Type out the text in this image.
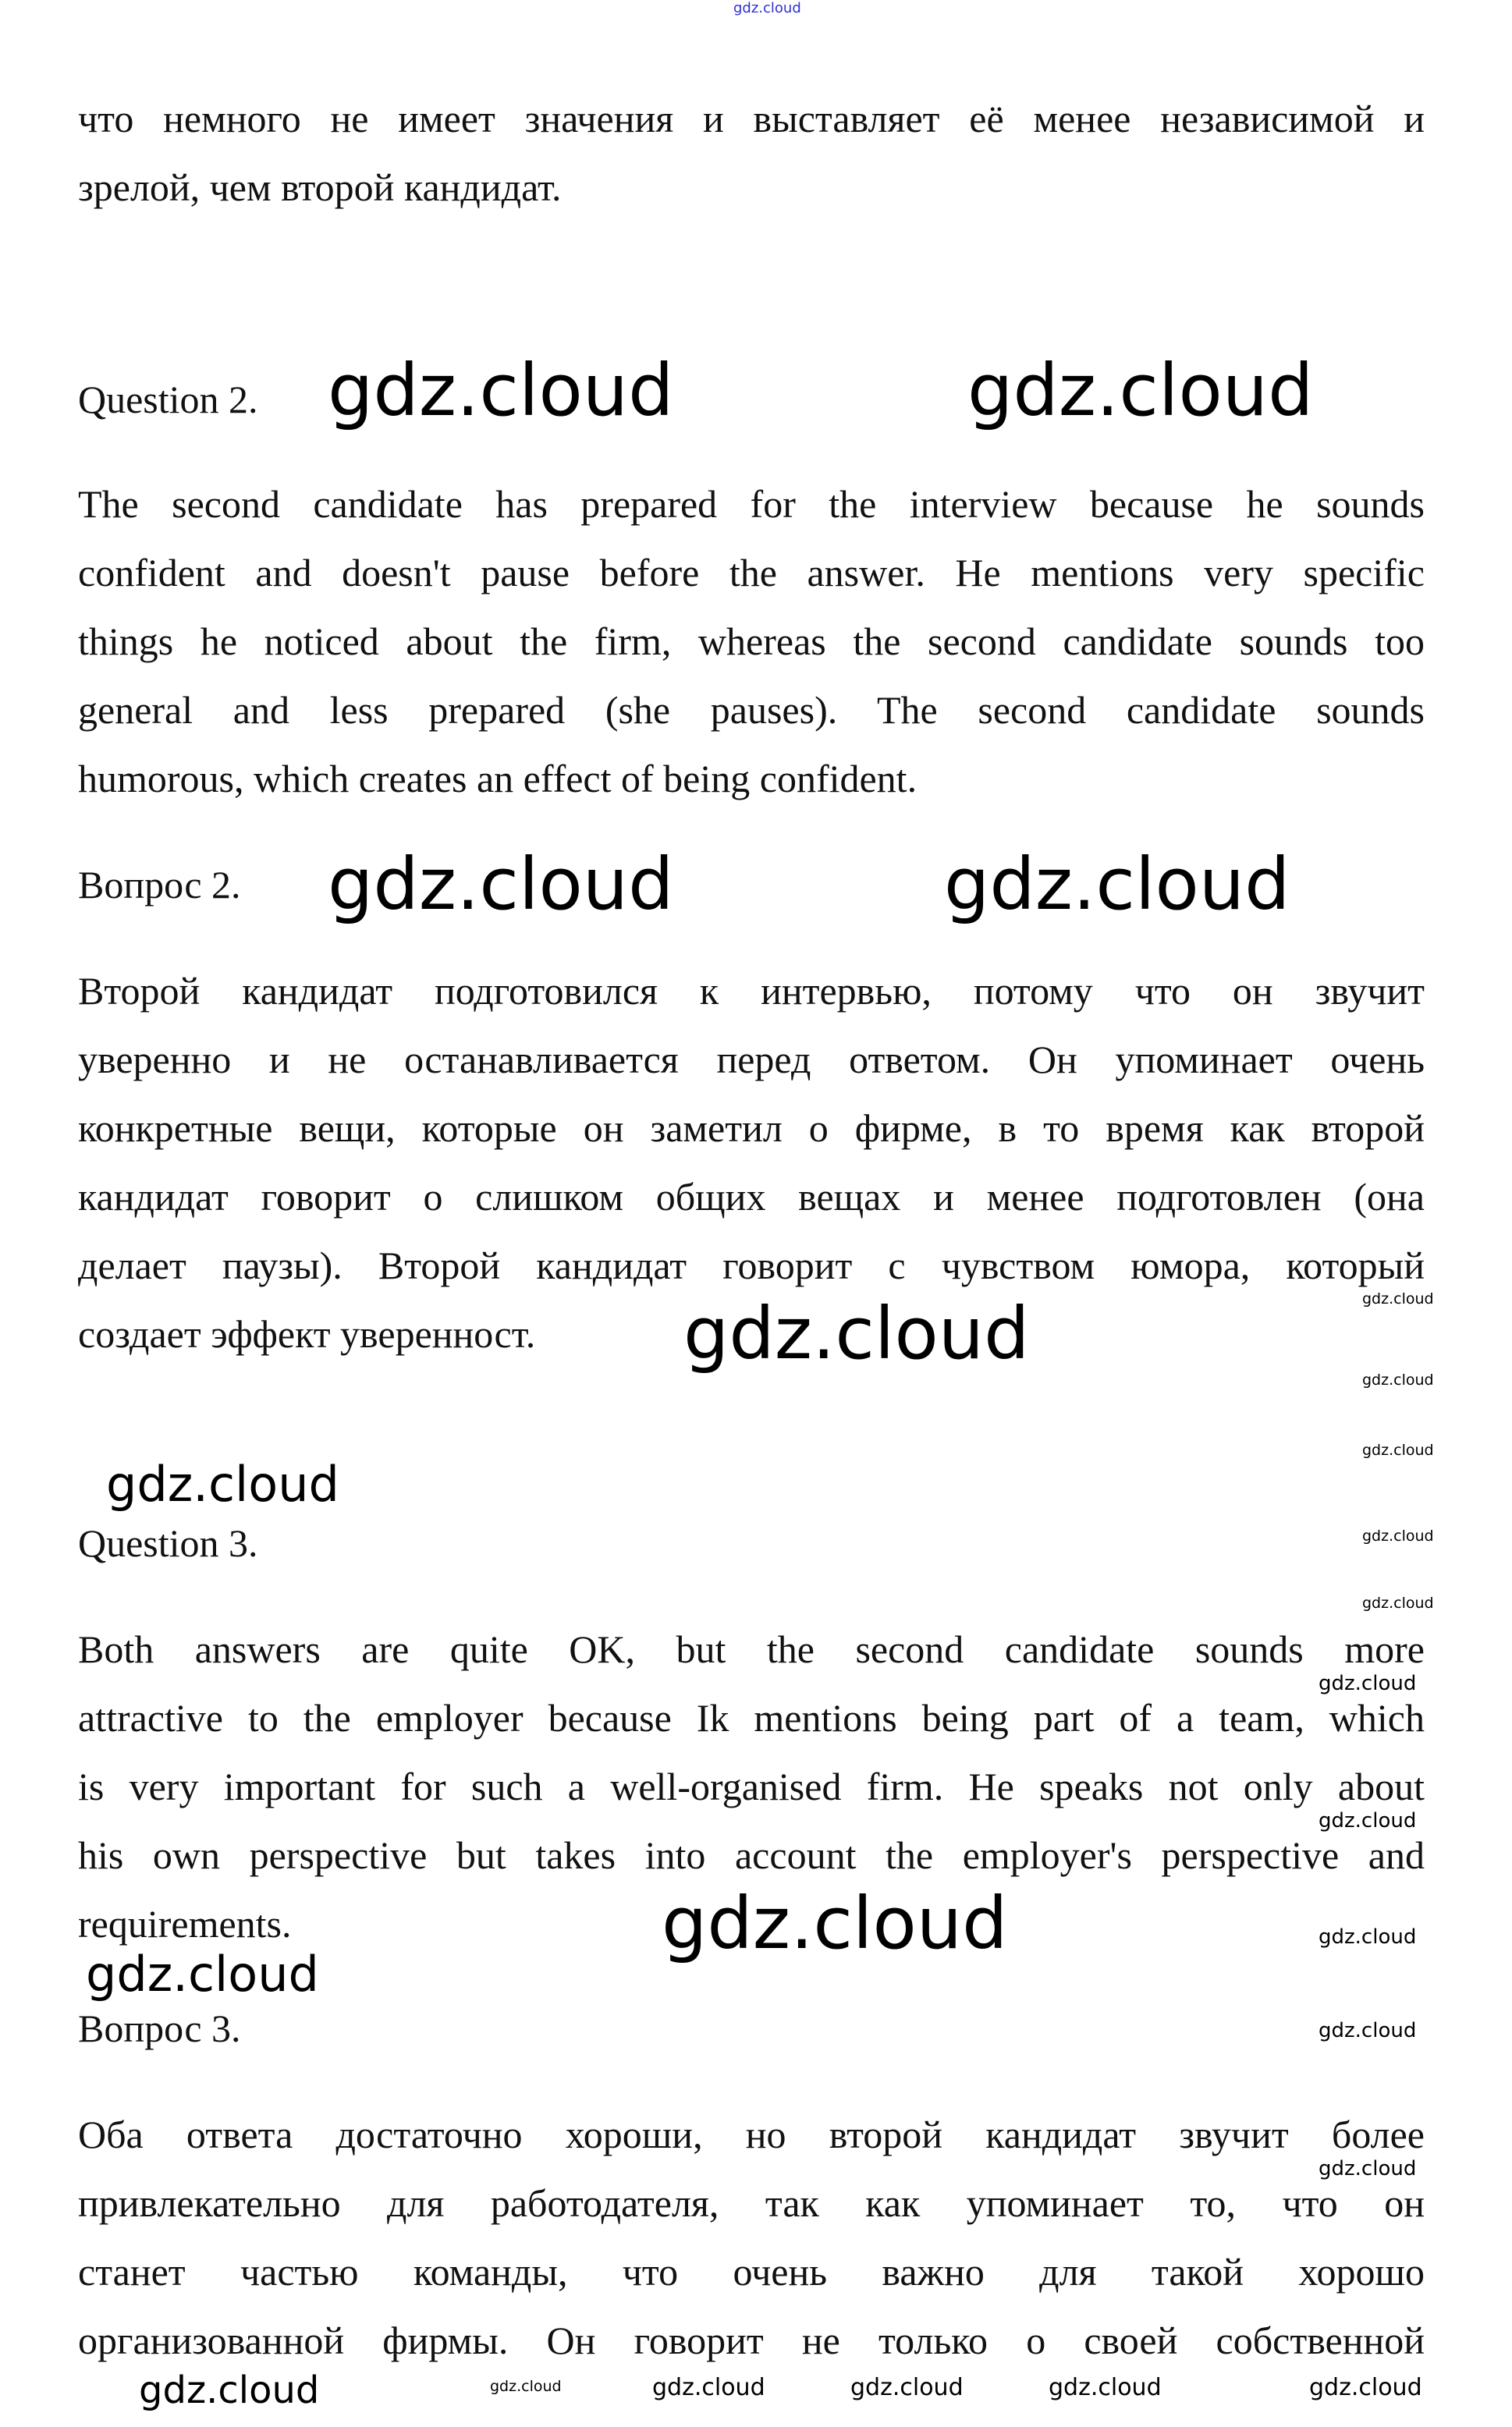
gdz.cloud
что немного не имеет значения и выставляет её менее независимой и
зрелой, чем второй кандидат.
Question 2.
The second candidate has prepared for the interview because he sounds
confident and doesn't pause before the answer. He mentions very specific
things he noticed about the firm, whereas the second candidate sounds too
general and less prepared (she pauses). The second candidate sounds
humorous, which creates an effect of being confident.
Вопрос 2.
Второй кандидат подготовился к интервью, потому что он звучит
уверенно и не останавливается перед ответом. Он упоминает очень
конкретные вещи, которые он заметил о фирме, в то время как второй
кандидат говорит о слишком общих вещах и менее подготовлен (она
делает паузы). Второй кандидат говорит с чувством юмора, который
создает эффект уверенност.
Question 3.
Both answers are quite OK, but the second candidate sounds more
attractive to the employer because Ik mentions being part of a team, which
is very important for such a well-organised firm. He speaks not only about
his own perspective but takes into account the employer's perspective and
requirements.
Вопрос 3.
Оба ответа достаточно хороши, но второй кандидат звучит более
привлекательно для работодателя, так как упоминает то, что он
станет частью команды, что очень важно для такой хорошо
организованной фирмы. Он говорит не только о своей собственной
gdz.cloud	gdz.cloud
gdz.cloud	gdz.cloud
gdz.cloud
gdz.cloud
gdz.cloud
gdz.cloud
gdz.cloud
gdz.cloud
gdz.cloud
gdz.cloud
gdz.cloud
gdz.cloud
gdz.cloud
gdz.cloud
gdz.cloud
gdz.cloud
gdz.cloud
gdz.cloud	gdz.cloud	gdz.cloud	gdz.cloud	gdz.cloud
